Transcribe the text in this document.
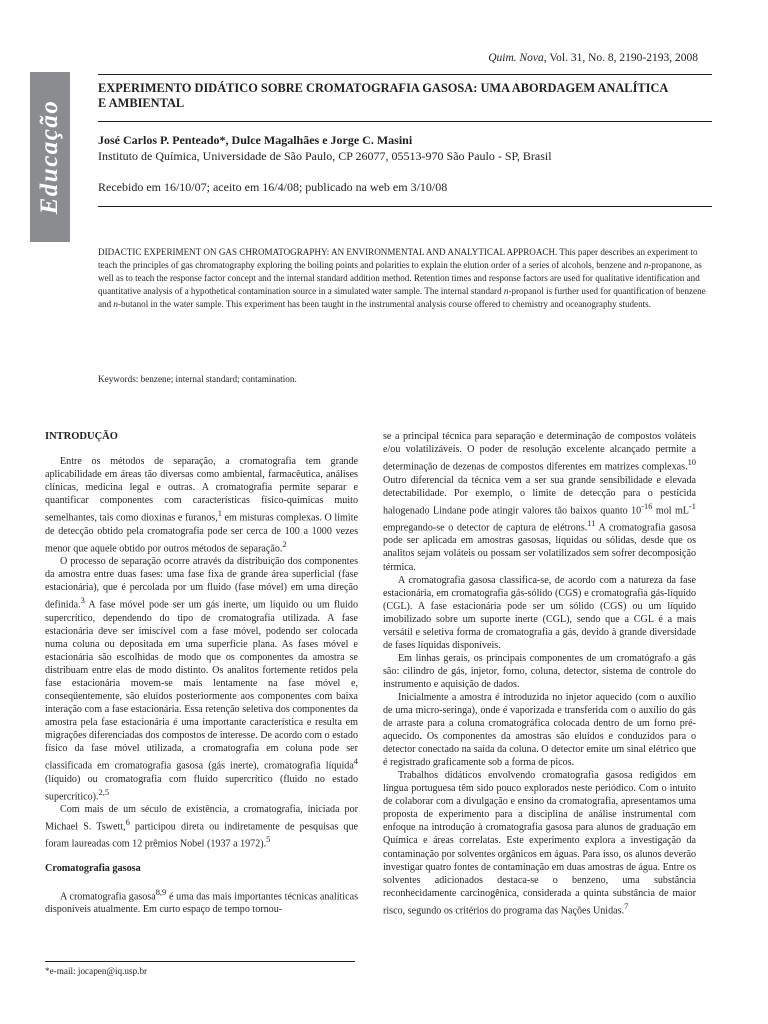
Quim. Nova, Vol. 31, No. 8, 2190-2193, 2008
Educação
EXPERIMENTO DIDÁTICO SOBRE CROMATOGRAFIA GASOSA: UMA ABORDAGEM ANALÍTICA E AMBIENTAL
José Carlos P. Penteado*, Dulce Magalhães e Jorge C. Masini
Instituto de Química, Universidade de São Paulo, CP 26077, 05513-970 São Paulo - SP, Brasil
Recebido em 16/10/07; aceito em 16/4/08; publicado na web em 3/10/08

DIDACTIC EXPERIMENT ON GAS CHROMATOGRAPHY: AN ENVIRONMENTAL AND ANALYTICAL APPROACH. This paper describes an experiment to teach the principles of gas chromatography exploring the boiling points and polarities to explain the elution order of a series of alcohols, benzene and n-propanone, as well as to teach the response factor concept and the internal standard addition method. Retention times and response factors are used for qualitative identification and quantitative analysis of a hypothetical contamination source in a simulated water sample. The internal standard n-propanol is further used for quantification of benzene and n-butanol in the water sample. This experiment has been taught in the instrumental analysis course offered to chemistry and oceanography students.

Keywords: benzene; internal standard; contamination.
INTRODUÇÃO

Entre os métodos de separação, a cromatografia tem grande aplicabilidade em áreas tão diversas como ambiental, farmacêutica, análises clínicas, medicina legal e outras. A cromatografia permite separar e quantificar componentes com características físico-químicas muito semelhantes, tais como dioxinas e furanos,$^1$ em misturas complexas. O limite de detecção obtido pela cromatografia pode ser cerca de 100 a 1000 vezes menor que aquele obtido por outros métodos de separação.$^2$

O processo de separação ocorre através da distribuição dos componentes da amostra entre duas fases: uma fase fixa de grande área superficial (fase estacionária), que é percolada por um fluido (fase móvel) em uma direção definida.$^3$ A fase móvel pode ser um gás inerte, um líquido ou um fluido supercrítico, dependendo do tipo de cromatografia utilizada. A fase estacionária deve ser imiscível com a fase móvel, podendo ser colocada numa coluna ou depositada em uma superfície plana. As fases móvel e estacionária são escolhidas de modo que os componentes da amostra se distribuam entre elas de modo distinto. Os analitos fortemente retidos pela fase estacionária movem-se mais lentamente na fase móvel e, conseqüentemente, são eluídos posteriormente aos componentes com baixa interação com a fase estacionária. Essa retenção seletiva dos componentes da amostra pela fase estacionária é uma importante característica e resulta em migrações diferenciadas dos compostos de interesse. De acordo com o estado físico da fase móvel utilizada, a cromatografia em coluna pode ser classificada em cromatografia gasosa (gás inerte), cromatografia líquida$^4$ (líquido) ou cromatografia com fluido supercrítico (fluido no estado supercrítico).$^{2,5}$

Com mais de um século de existência, a cromatografia, iniciada por Michael S. Tswett,$^6$ participou direta ou indiretamente de pesquisas que foram laureadas com 12 prêmios Nobel (1937 a 1972).$^5$

Cromatografia gasosa

A cromatografia gasosa$^{8,9}$ é uma das mais importantes técnicas analíticas disponíveis atualmente. Em curto espaço de tempo tornou-

se a principal técnica para separação e determinação de compostos voláteis e/ou volatilizáveis. O poder de resolução excelente alcançado permite a determinação de dezenas de compostos diferentes em matrizes complexas.$^{10}$ Outro diferencial da técnica vem a ser sua grande sensibilidade e elevada detectabilidade. Por exemplo, o limite de detecção para o pesticida halogenado Lindane pode atingir valores tão baixos quanto $10^{-16}$ mol $mL^{-1}$ empregando-se o detector de captura de elétrons.$^{11}$ A cromatografia gasosa pode ser aplicada em amostras gasosas, líquidas ou sólidas, desde que os analitos sejam voláteis ou possam ser volatilizados sem sofrer decomposição térmica.

A cromatografia gasosa classifica-se, de acordo com a natureza da fase estacionária, em cromatografia gás-sólido (CGS) e cromatografia gás-líquido (CGL). A fase estacionária pode ser um sólido (CGS) ou um líquido imobilizado sobre um suporte inerte (CGL), sendo que a CGL é a mais versátil e seletiva forma de cromatografia a gás, devido à grande diversidade de fases líquidas disponíveis.

Em linhas gerais, os principais componentes de um cromatógrafo a gás são: cilindro de gás, injetor, forno, coluna, detector, sistema de controle do instrumento e aquisição de dados.

Inicialmente a amostra é introduzida no injetor aquecido (com o auxílio de uma micro-seringa), onde é vaporizada e transferida com o auxílio do gás de arraste para a coluna cromatográfica colocada dentro de um forno pré-aquecido. Os componentes da amostras são eluídos e conduzidos para o detector conectado na saída da coluna. O detector emite um sinal elétrico que é registrado graficamente sob a forma de picos.

Trabalhos didáticos envolvendo cromatografia gasosa redigidos em língua portuguesa têm sido pouco explorados neste periódico. Com o intuito de colaborar com a divulgação e ensino da cromatografia, apresentamos uma proposta de experimento para a disciplina de análise instrumental com enfoque na introdução à cromatografia gasosa para alunos de graduação em Química e áreas correlatas. Este experimento explora a investigação da contaminação por solventes orgânicos em águas. Para isso, os alunos deverão investigar quatro fontes de contaminação em duas amostras de água. Entre os solventes adicionados destaca-se o benzeno, uma substância reconhecidamente carcinogênica, considerada a quinta substância de maior risco, segundo os critérios do programa das Nações Unidas.$^7$

*e-mail: jocapen@iq.usp.br
